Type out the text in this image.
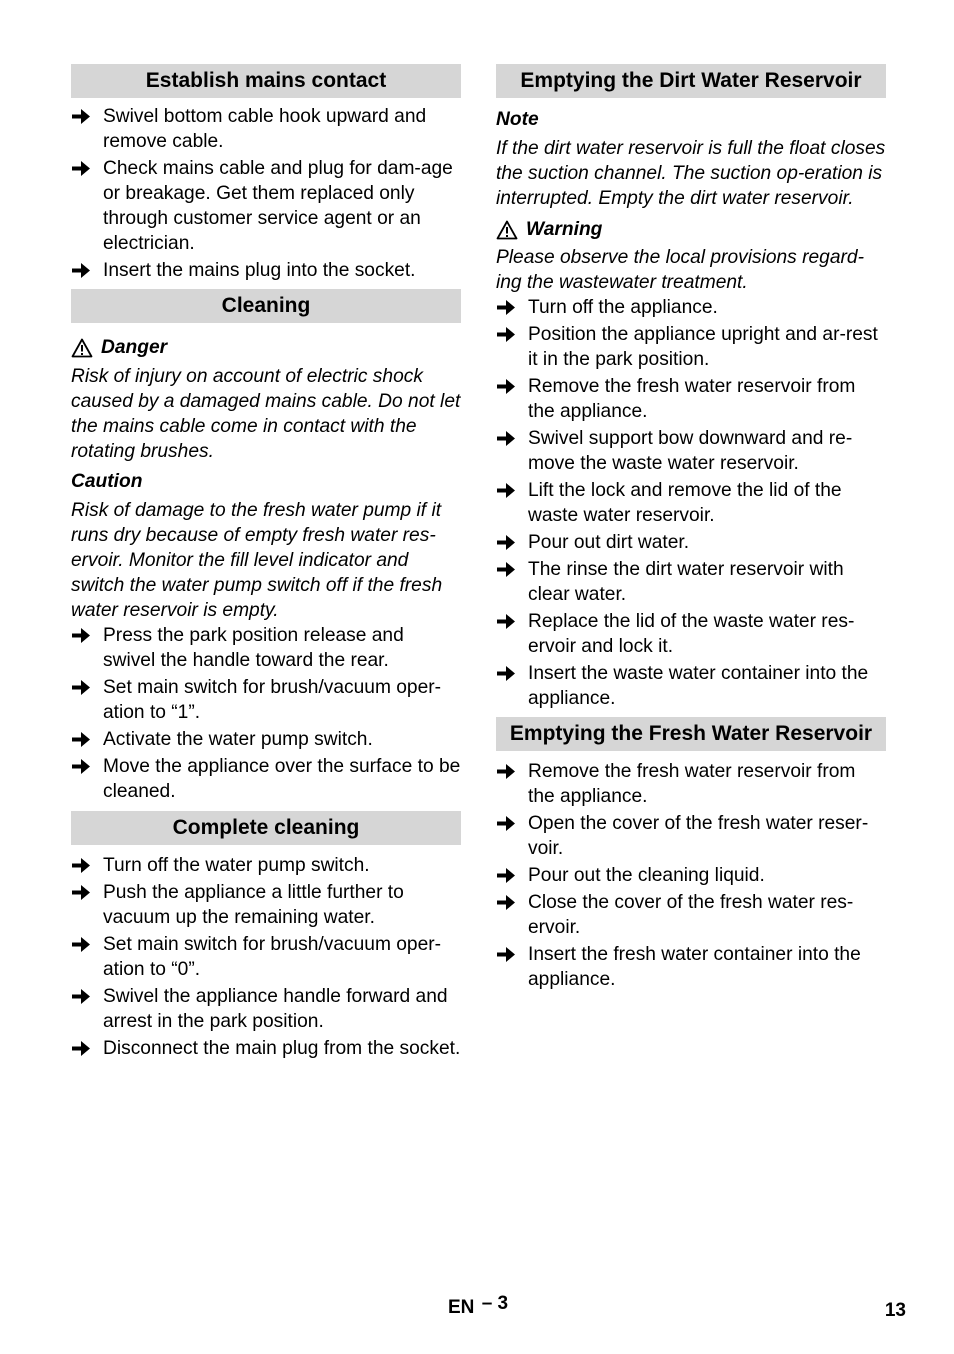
Establish mains contact
Swivel bottom cable hook upward and remove cable.
Check mains cable and plug for dam-age or breakage. Get them replaced only through customer service agent or an electrician.
Insert the mains plug into the socket.
Cleaning
Danger
Risk of injury on account of electric shock caused by a damaged mains cable. Do not let the mains cable come in contact with the rotating brushes.
Caution
Risk of damage to the fresh water pump if it runs dry because of empty fresh water res-ervoir. Monitor the fill level indicator and switch the water pump switch off if the fresh water reservoir is empty.
Press the park position release and swivel the handle toward the rear.
Set main switch for brush/vacuum oper-ation to “1”.
Activate the water pump switch.
Move the appliance over the surface to be cleaned.
Complete cleaning
Turn off the water pump switch.
Push the appliance a little further to vacuum up the remaining water.
Set main switch for brush/vacuum oper-ation to “0”.
Swivel the appliance handle forward and arrest in the park position.
Disconnect the main plug from the socket.
Emptying the Dirt Water Reservoir
Note
If the dirt water reservoir is full the float closes the suction channel. The suction op-eration is interrupted. Empty the dirt water reservoir.
Warning
Please observe the local provisions regard-ing the wastewater treatment.
Turn off the appliance.
Position the appliance upright and ar-rest it in the park position.
Remove the fresh water reservoir from the appliance.
Swivel support bow downward and re-move the waste water reservoir.
Lift the lock and remove the lid of the waste water reservoir.
Pour out dirt water.
The rinse the dirt water reservoir with clear water.
Replace the lid of the waste water res-ervoir and lock it.
Insert the waste water container into the appliance.
Emptying the Fresh Water Reservoir
Remove the fresh water reservoir from the appliance.
Open the cover of the fresh water reser-voir.
Pour out the cleaning liquid.
Close the cover of the fresh water res-ervoir.
Insert the fresh water container into the appliance.
EN – 3	13
